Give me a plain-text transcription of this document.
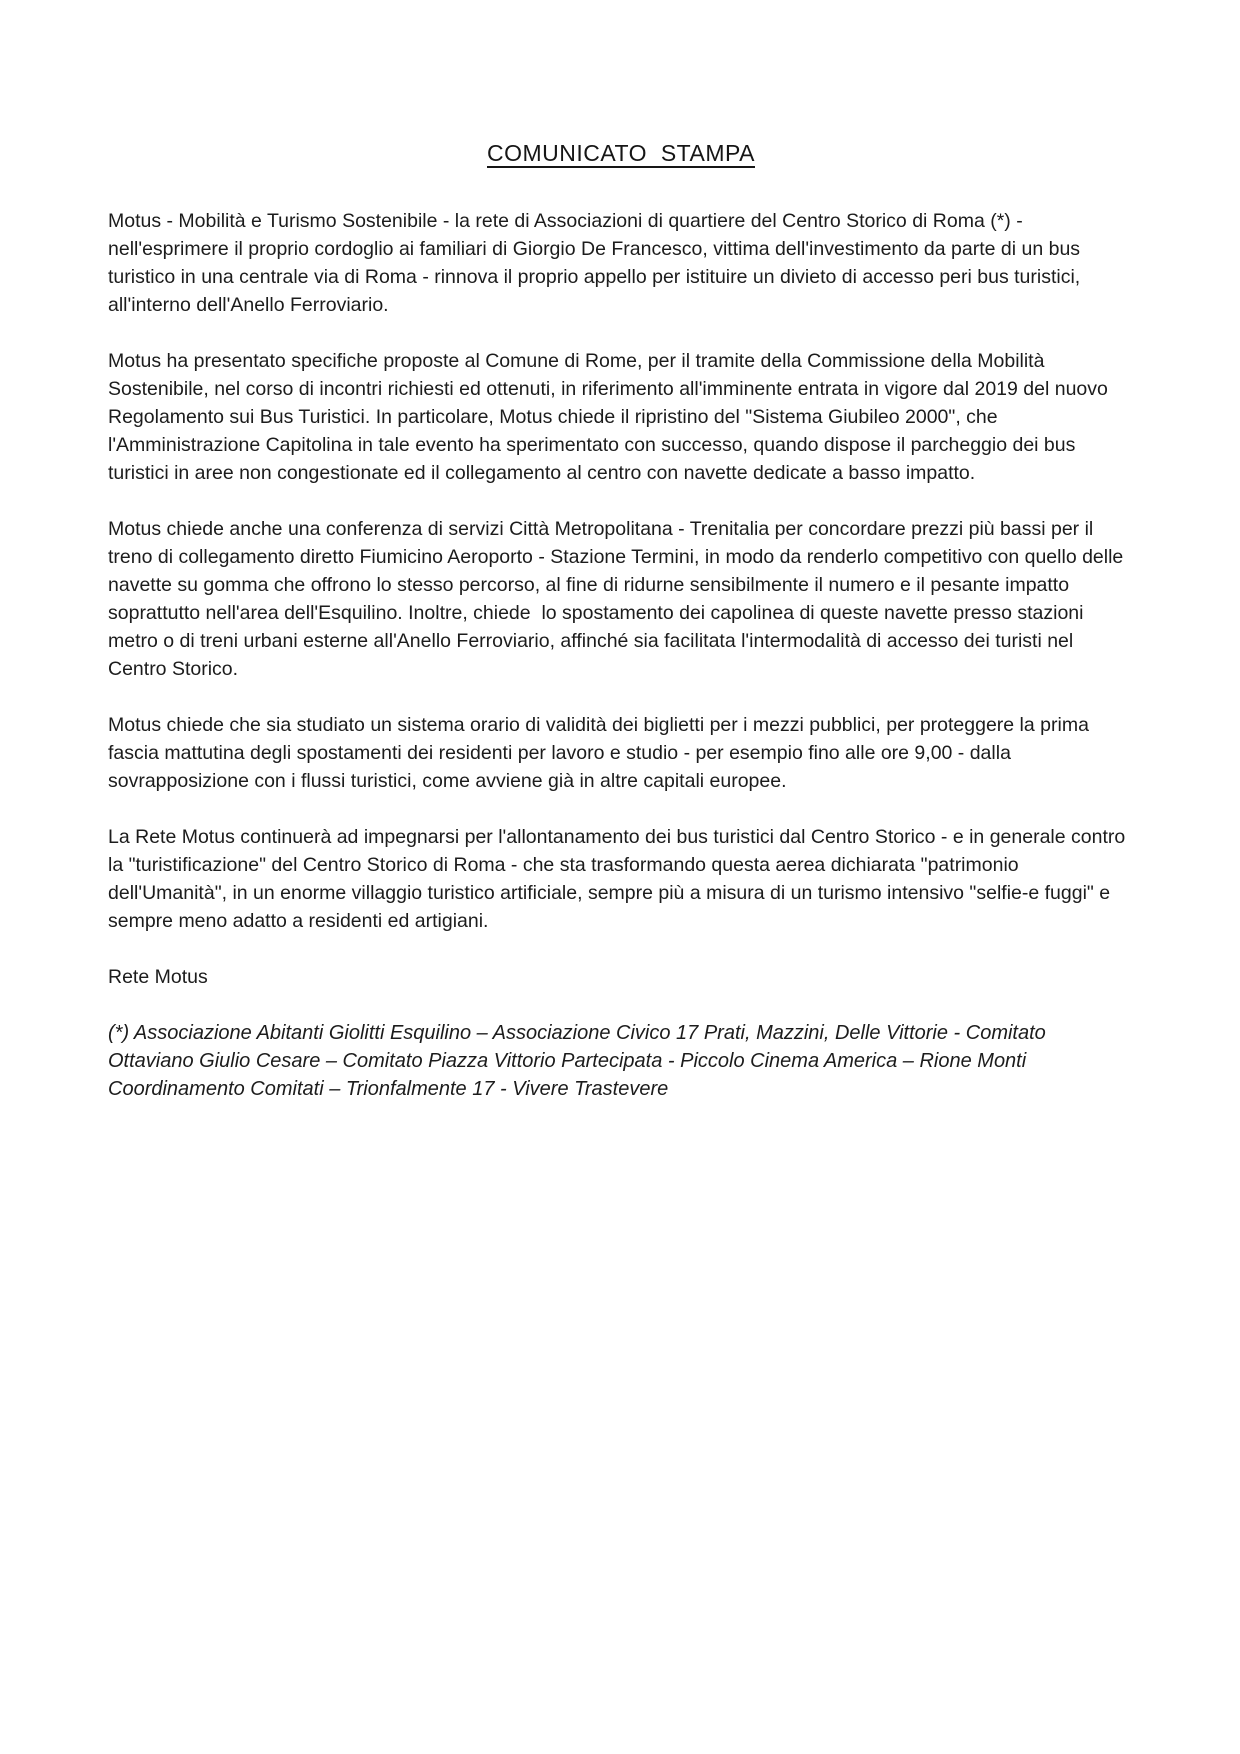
COMUNICATO  STAMPA

Motus - Mobilità e Turismo Sostenibile - la rete di Associazioni di quartiere del Centro Storico di Roma (*) - nell'esprimere il proprio cordoglio ai familiari di Giorgio De Francesco, vittima dell'investimento da parte di un bus turistico in una centrale via di Roma - rinnova il proprio appello per istituire un divieto di accesso peri bus turistici, all'interno dell'Anello Ferroviario.

Motus ha presentato specifiche proposte al Comune di Rome, per il tramite della Commissione della Mobilità Sostenibile, nel corso di incontri richiesti ed ottenuti, in riferimento all'imminente entrata in vigore dal 2019 del nuovo Regolamento sui Bus Turistici. In particolare, Motus chiede il ripristino del "Sistema Giubileo 2000", che l'Amministrazione Capitolina in tale evento ha sperimentato con successo, quando dispose il parcheggio dei bus turistici in aree non congestionate ed il collegamento al centro con navette dedicate a basso impatto.

Motus chiede anche una conferenza di servizi Città Metropolitana - Trenitalia per concordare prezzi più bassi per il treno di collegamento diretto Fiumicino Aeroporto - Stazione Termini, in modo da renderlo competitivo con quello delle navette su gomma che offrono lo stesso percorso, al fine di ridurne sensibilmente il numero e il pesante impatto soprattutto nell'area dell'Esquilino. Inoltre, chiede  lo spostamento dei capolinea di queste navette presso stazioni metro o di treni urbani esterne all'Anello Ferroviario, affinché sia facilitata l'intermodalità di accesso dei turisti nel Centro Storico.

Motus chiede che sia studiato un sistema orario di validità dei biglietti per i mezzi pubblici, per proteggere la prima fascia mattutina degli spostamenti dei residenti per lavoro e studio - per esempio fino alle ore 9,00 - dalla sovrapposizione con i flussi turistici, come avviene già in altre capitali europee.

La Rete Motus continuerà ad impegnarsi per l'allontanamento dei bus turistici dal Centro Storico - e in generale contro la "turistificazione" del Centro Storico di Roma - che sta trasformando questa aerea dichiarata "patrimonio dell'Umanità", in un enorme villaggio turistico artificiale, sempre più a misura di un turismo intensivo "selfie-e fuggi" e sempre meno adatto a residenti ed artigiani.

Rete Motus

(*) Associazione Abitanti Giolitti Esquilino – Associazione Civico 17 Prati, Mazzini, Delle Vittorie - Comitato Ottaviano Giulio Cesare – Comitato Piazza Vittorio Partecipata - Piccolo Cinema America – Rione Monti Coordinamento Comitati – Trionfalmente 17 - Vivere Trastevere
